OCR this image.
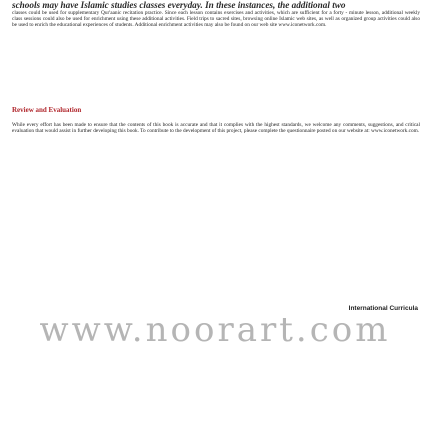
schools may have Islamic studies classes everyday. In these instances, the additional two
classes could be used for supplementary Qur'aanic recitation practice. Since each lesson contains exercises and activities, which are sufficient for a forty - minute lesson, additional weekly class sessions could also be used for enrichment using these additional activities. Field trips to sacred sites, browsing online Islamic web sites, as well as organized group activities could also be used to enrich the educational experiences of students. Additional enrichment activities may also be found on our web site www.iconetwork.com.
Review and Evaluation
While every effort has been made to ensure that the contents of this book is accurate and that it complies with the highest standards, we welcome any comments, suggestions, and critical evaluation that would assist in further developing this book. To contribute to the development of this project, please complete the questionnaire posted on our website at: www.iconetwork.com.
International Curricula
www.noorart.com
